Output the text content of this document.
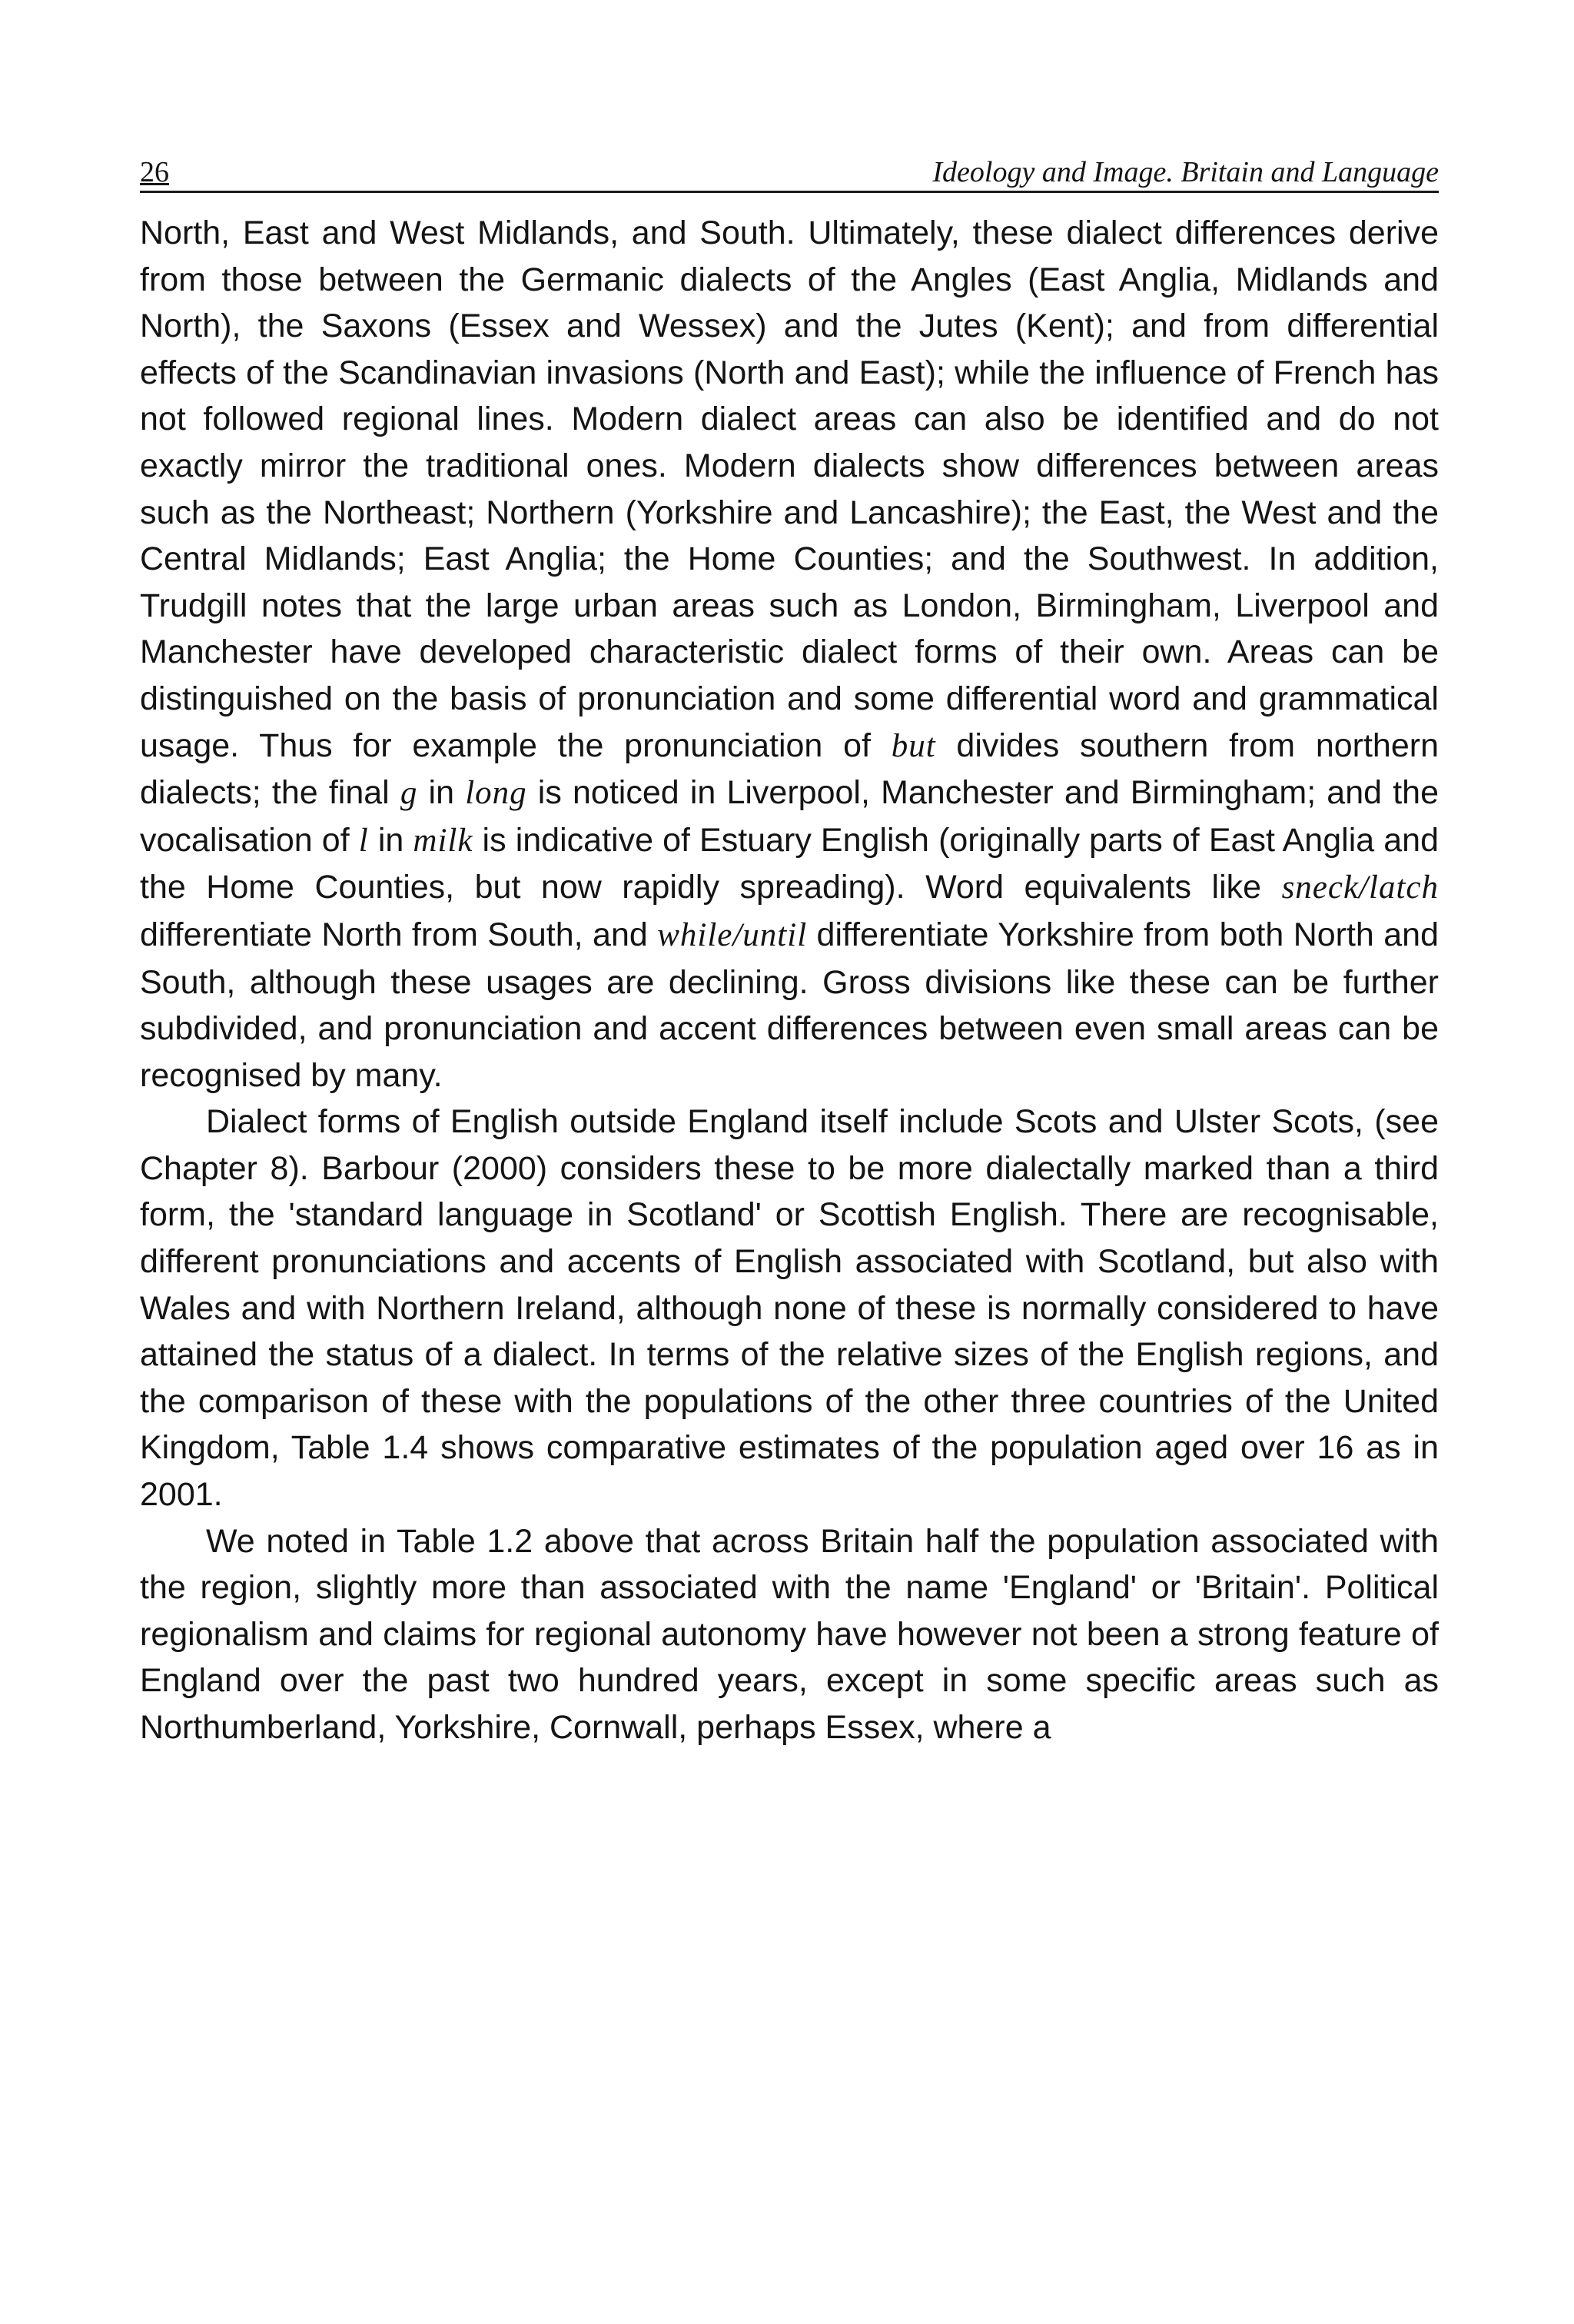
26	Ideology and Image. Britain and Language

North, East and West Midlands, and South. Ultimately, these dialect differences derive from those between the Germanic dialects of the Angles (East Anglia, Midlands and North), the Saxons (Essex and Wessex) and the Jutes (Kent); and from differential effects of the Scandinavian invasions (North and East); while the influence of French has not followed regional lines. Modern dialect areas can also be identified and do not exactly mirror the traditional ones. Modern dialects show differences between areas such as the Northeast; Northern (Yorkshire and Lancashire); the East, the West and the Central Midlands; East Anglia; the Home Counties; and the Southwest. In addition, Trudgill notes that the large urban areas such as London, Birmingham, Liverpool and Manchester have developed characteristic dialect forms of their own. Areas can be distinguished on the basis of pronunciation and some differential word and grammatical usage. Thus for example the pronunciation of but divides southern from northern dialects; the final g in long is noticed in Liverpool, Manchester and Birmingham; and the vocalisation of l in milk is indicative of Estuary English (originally parts of East Anglia and the Home Counties, but now rapidly spreading). Word equivalents like sneck/latch differentiate North from South, and while/until differentiate Yorkshire from both North and South, although these usages are declining. Gross divisions like these can be further subdivided, and pronunciation and accent differences between even small areas can be recognised by many.

Dialect forms of English outside England itself include Scots and Ulster Scots, (see Chapter 8). Barbour (2000) considers these to be more dialectally marked than a third form, the 'standard language in Scotland' or Scottish English. There are recognisable, different pronunciations and accents of English associated with Scotland, but also with Wales and with Northern Ireland, although none of these is normally considered to have attained the status of a dialect. In terms of the relative sizes of the English regions, and the comparison of these with the populations of the other three countries of the United Kingdom, Table 1.4 shows comparative estimates of the population aged over 16 as in 2001.

We noted in Table 1.2 above that across Britain half the population associated with the region, slightly more than associated with the name 'England' or 'Britain'. Political regionalism and claims for regional autonomy have however not been a strong feature of England over the past two hundred years, except in some specific areas such as Northumberland, Yorkshire, Cornwall, perhaps Essex, where a
